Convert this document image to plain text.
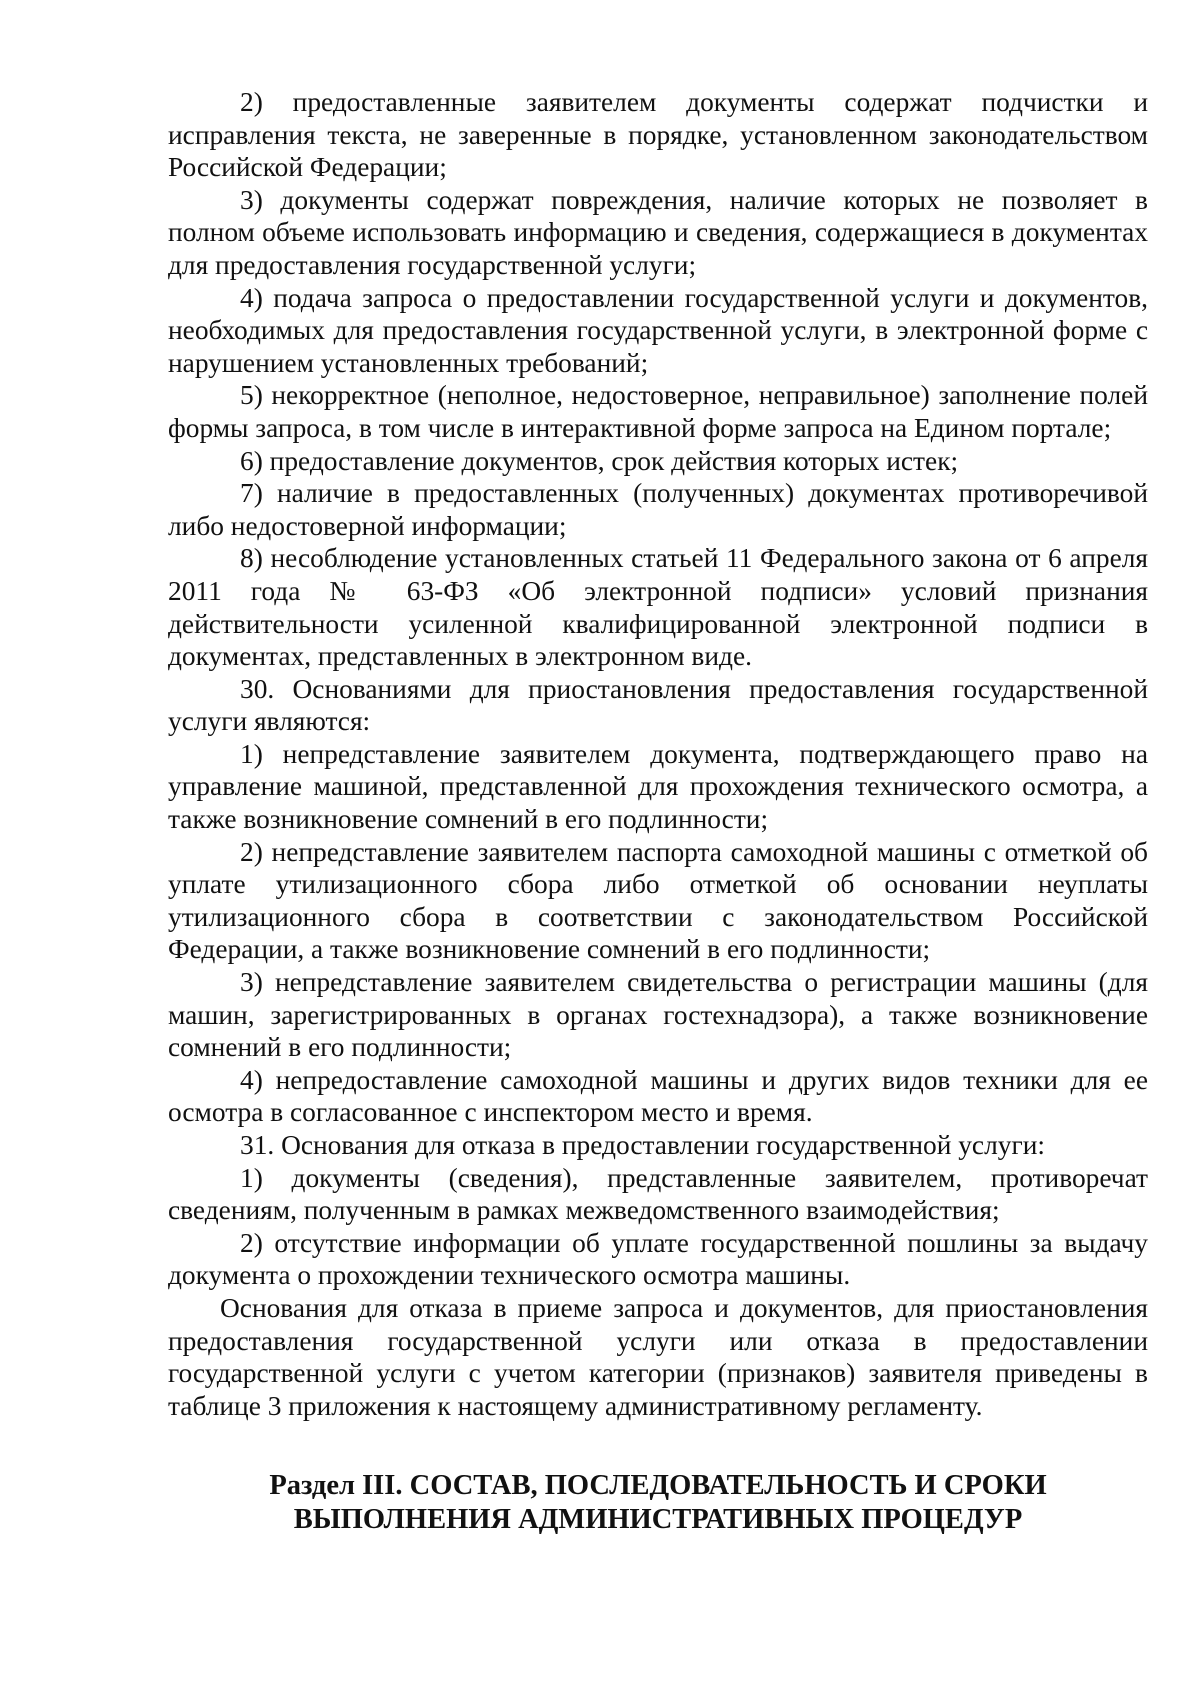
2) предоставленные заявителем документы содержат подчистки и исправления текста, не заверенные в порядке, установленном законодательством Российской Федерации;

3) документы содержат повреждения, наличие которых не позволяет в полном объеме использовать информацию и сведения, содержащиеся в документах для предоставления государственной услуги;

4) подача запроса о предоставлении государственной услуги и документов, необходимых для предоставления государственной услуги, в электронной форме с нарушением установленных требований;

5) некорректное (неполное, недостоверное, неправильное) заполнение полей формы запроса, в том числе в интерактивной форме запроса на Едином портале;

6) предоставление документов, срок действия которых истек;

7) наличие в предоставленных (полученных) документах противоречивой либо недостоверной информации;

8) несоблюдение установленных статьей 11 Федерального закона от 6 апреля 2011 года № 63-ФЗ «Об электронной подписи» условий признания действительности усиленной квалифицированной электронной подписи в документах, представленных в электронном виде.

30. Основаниями для приостановления предоставления государственной услуги являются:

1) непредставление заявителем документа, подтверждающего право на управление машиной, представленной для прохождения технического осмотра, а также возникновение сомнений в его подлинности;

2) непредставление заявителем паспорта самоходной машины с отметкой об уплате утилизационного сбора либо отметкой об основании неуплаты утилизационного сбора в соответствии с законодательством Российской Федерации, а также возникновение сомнений в его подлинности;

3) непредставление заявителем свидетельства о регистрации машины (для машин, зарегистрированных в органах гостехнадзора), а также возникновение сомнений в его подлинности;

4) непредоставление самоходной машины и других видов техники для ее осмотра в согласованное с инспектором место и время.

31. Основания для отказа в предоставлении государственной услуги:

1) документы (сведения), представленные заявителем, противоречат сведениям, полученным в рамках межведомственного взаимодействия;

2) отсутствие информации об уплате государственной пошлины за выдачу документа о прохождении технического осмотра машины.

Основания для отказа в приеме запроса и документов, для приостановления предоставления государственной услуги или отказа в предоставлении государственной услуги с учетом категории (признаков) заявителя приведены в таблице 3 приложения к настоящему административному регламенту.

Раздел III. СОСТАВ, ПОСЛЕДОВАТЕЛЬНОСТЬ И СРОКИ
ВЫПОЛНЕНИЯ АДМИНИСТРАТИВНЫХ ПРОЦЕДУР
